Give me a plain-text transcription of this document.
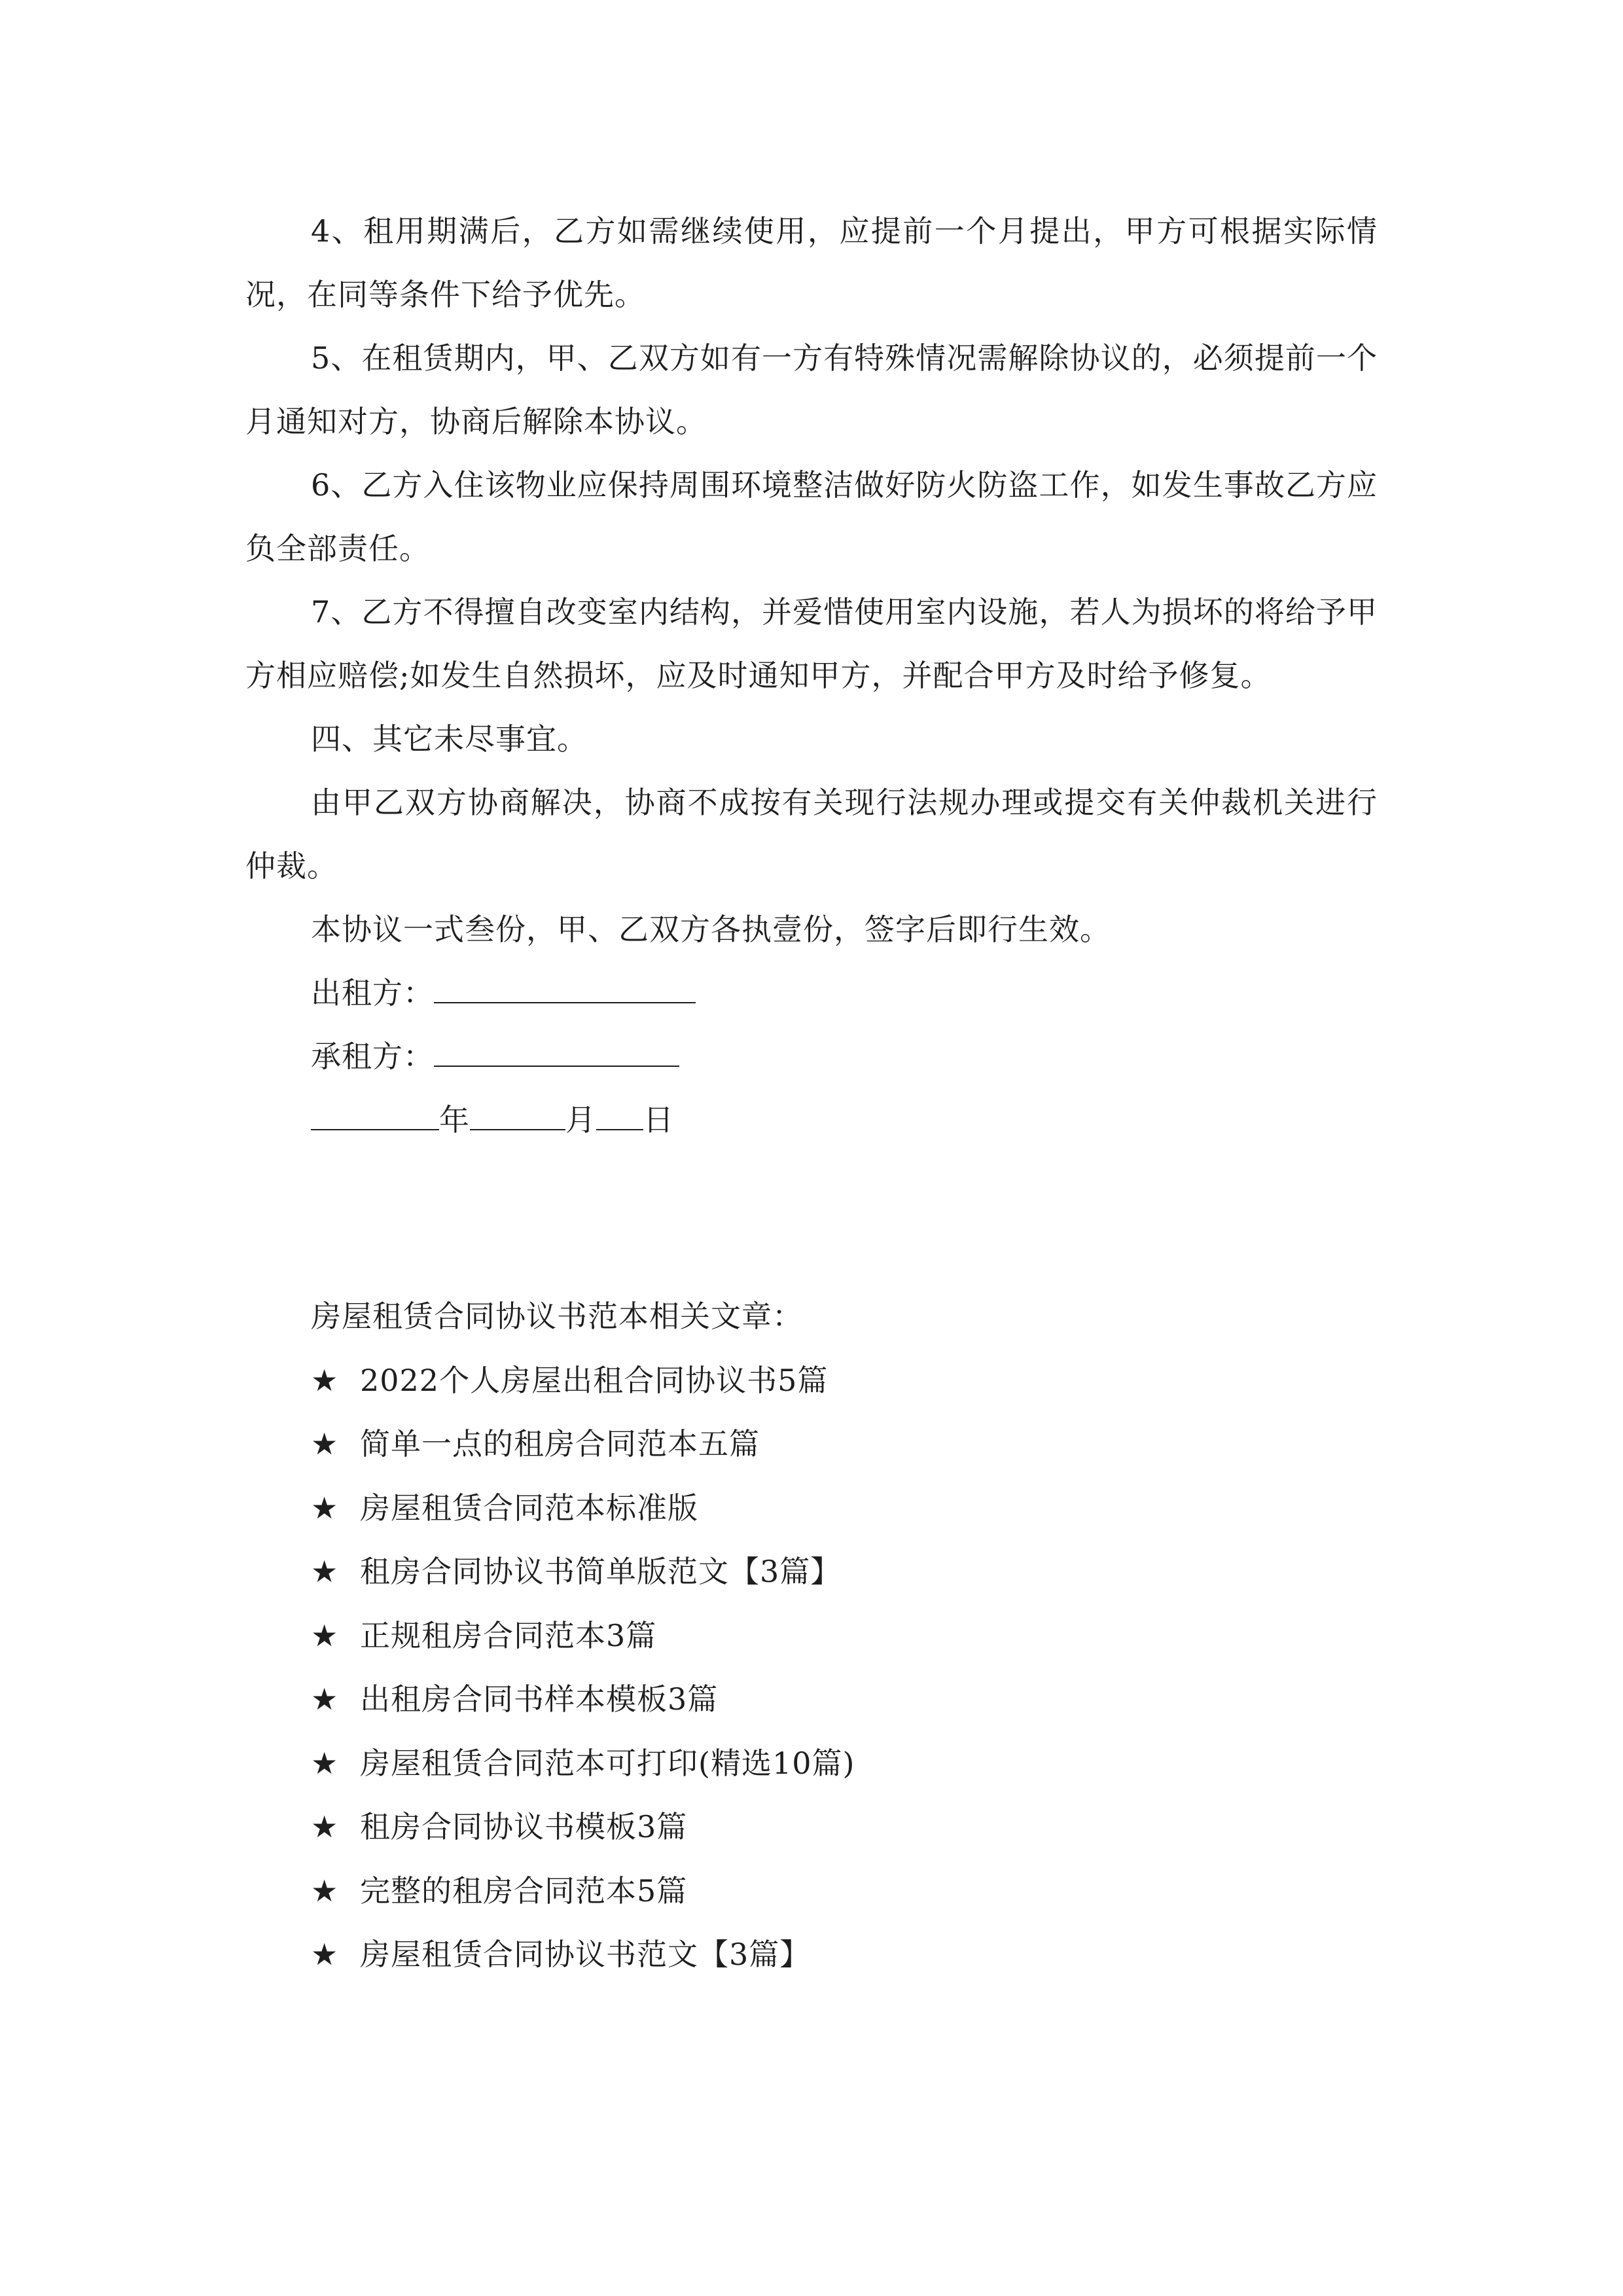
4、租用期满后，乙方如需继续使用，应提前一个月提出，甲方可根据实际情况，在同等条件下给予优先。

5、在租赁期内，甲、乙双方如有一方有特殊情况需解除协议的，必须提前一个月通知对方，协商后解除本协议。

6、乙方入住该物业应保持周围环境整洁做好防火防盗工作，如发生事故乙方应负全部责任。

7、乙方不得擅自改变室内结构，并爱惜使用室内设施，若人为损坏的将给予甲方相应赔偿;如发生自然损坏，应及时通知甲方，并配合甲方及时给予修复。

四、其它未尽事宜。

由甲乙双方协商解决，协商不成按有关现行法规办理或提交有关仲裁机关进行仲裁。

本协议一式叁份，甲、乙双方各执壹份，签字后即行生效。

出租方：

承租方：

年	月 日

房屋租赁合同协议书范本相关文章：

★ 2022个人房屋出租合同协议书5篇
★ 简单一点的租房合同范本五篇
★ 房屋租赁合同范本标准版
★ 租房合同协议书简单版范文【3篇】
★ 正规租房合同范本3篇
★ 出租房合同书样本模板3篇
★ 房屋租赁合同范本可打印(精选10篇)
★ 租房合同协议书模板3篇
★ 完整的租房合同范本5篇
★ 房屋租赁合同协议书范文【3篇】
